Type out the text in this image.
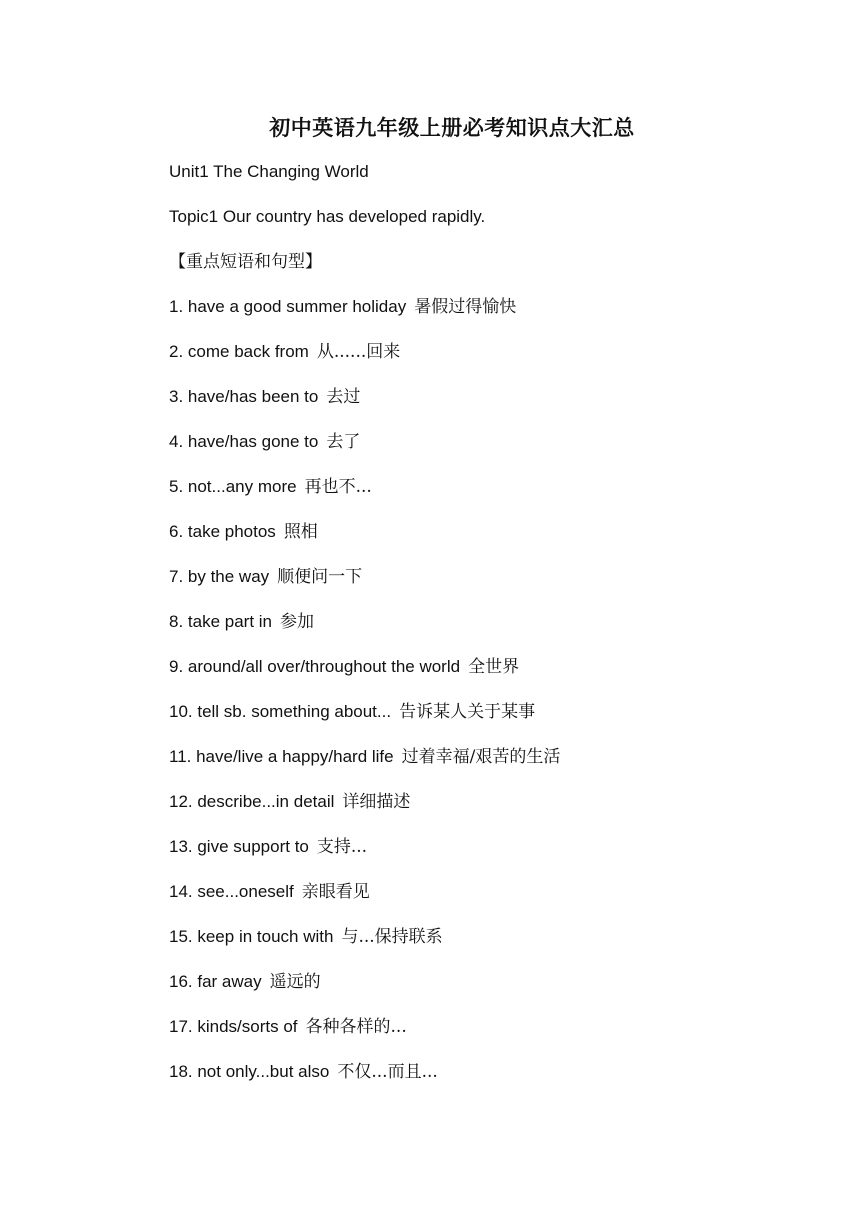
初中英语九年级上册必考知识点大汇总
Unit1 The Changing World
Topic1 Our country has developed rapidly.
【重点短语和句型】
1. have a good summer holiday 暑假过得愉快
2. come back from 从......回来
3. have/has been to 去过
4. have/has gone to 去了
5. not...any more 再也不...
6. take photos 照相
7. by the way 顺便问一下
8. take part in 参加
9. around/all over/throughout the world 全世界
10. tell sb. something about... 告诉某人关于某事
11. have/live a happy/hard life 过着幸福/艰苦的生活
12. describe...in detail 详细描述
13. give support to 支持...
14. see...oneself 亲眼看见
15. keep in touch with 与...保持联系
16. far away 遥远的
17. kinds/sorts of 各种各样的...
18. not only...but also 不仅...而且...
